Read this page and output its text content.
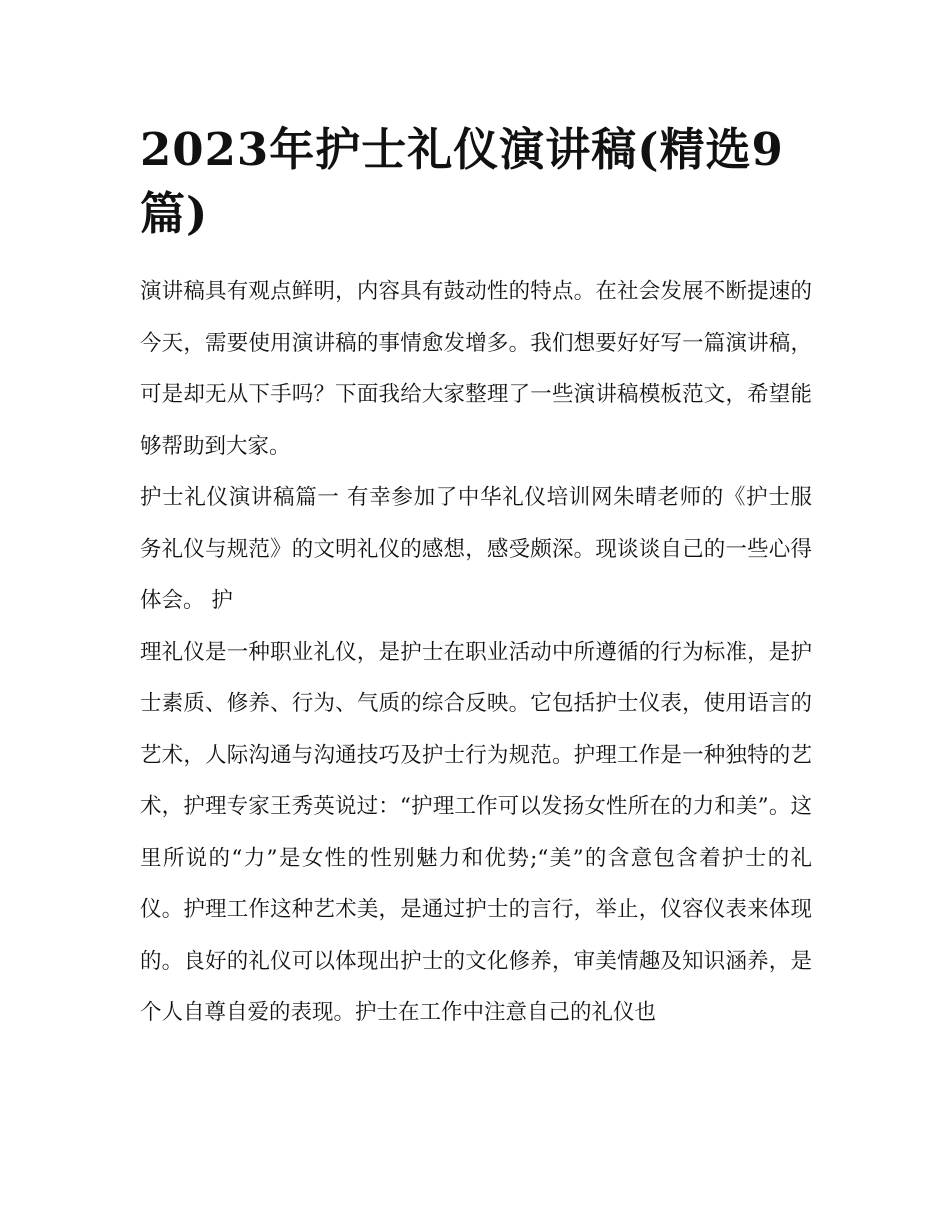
2023年护士礼仪演讲稿(精选9篇)

演讲稿具有观点鲜明，内容具有鼓动性的特点。在社会发展不断提速的今天，需要使用演讲稿的事情愈发增多。我们想要好好写一篇演讲稿，可是却无从下手吗？下面我给大家整理了一些演讲稿模板范文，希望能够帮助到大家。

护士礼仪演讲稿篇一 有幸参加了中华礼仪培训网朱晴老师的《护士服务礼仪与规范》的文明礼仪的感想，感受颇深。现谈谈自己的一些心得体会。 护

理礼仪是一种职业礼仪，是护士在职业活动中所遵循的行为标准，是护士素质、修养、行为、气质的综合反映。它包括护士仪表，使用语言的艺术，人际沟通与沟通技巧及护士行为规范。护理工作是一种独特的艺术，护理专家王秀英说过：“护理工作可以发扬女性所在的力和美”。这里所说的“力”是女性的性别魅力和优势;“美”的含意包含着护士的礼仪。护理工作这种艺术美，是通过护士的言行，举止，仪容仪表来体现的。良好的礼仪可以体现出护士的文化修养，审美情趣及知识涵养，是个人自尊自爱的表现。护士在工作中注意自己的礼仪也
